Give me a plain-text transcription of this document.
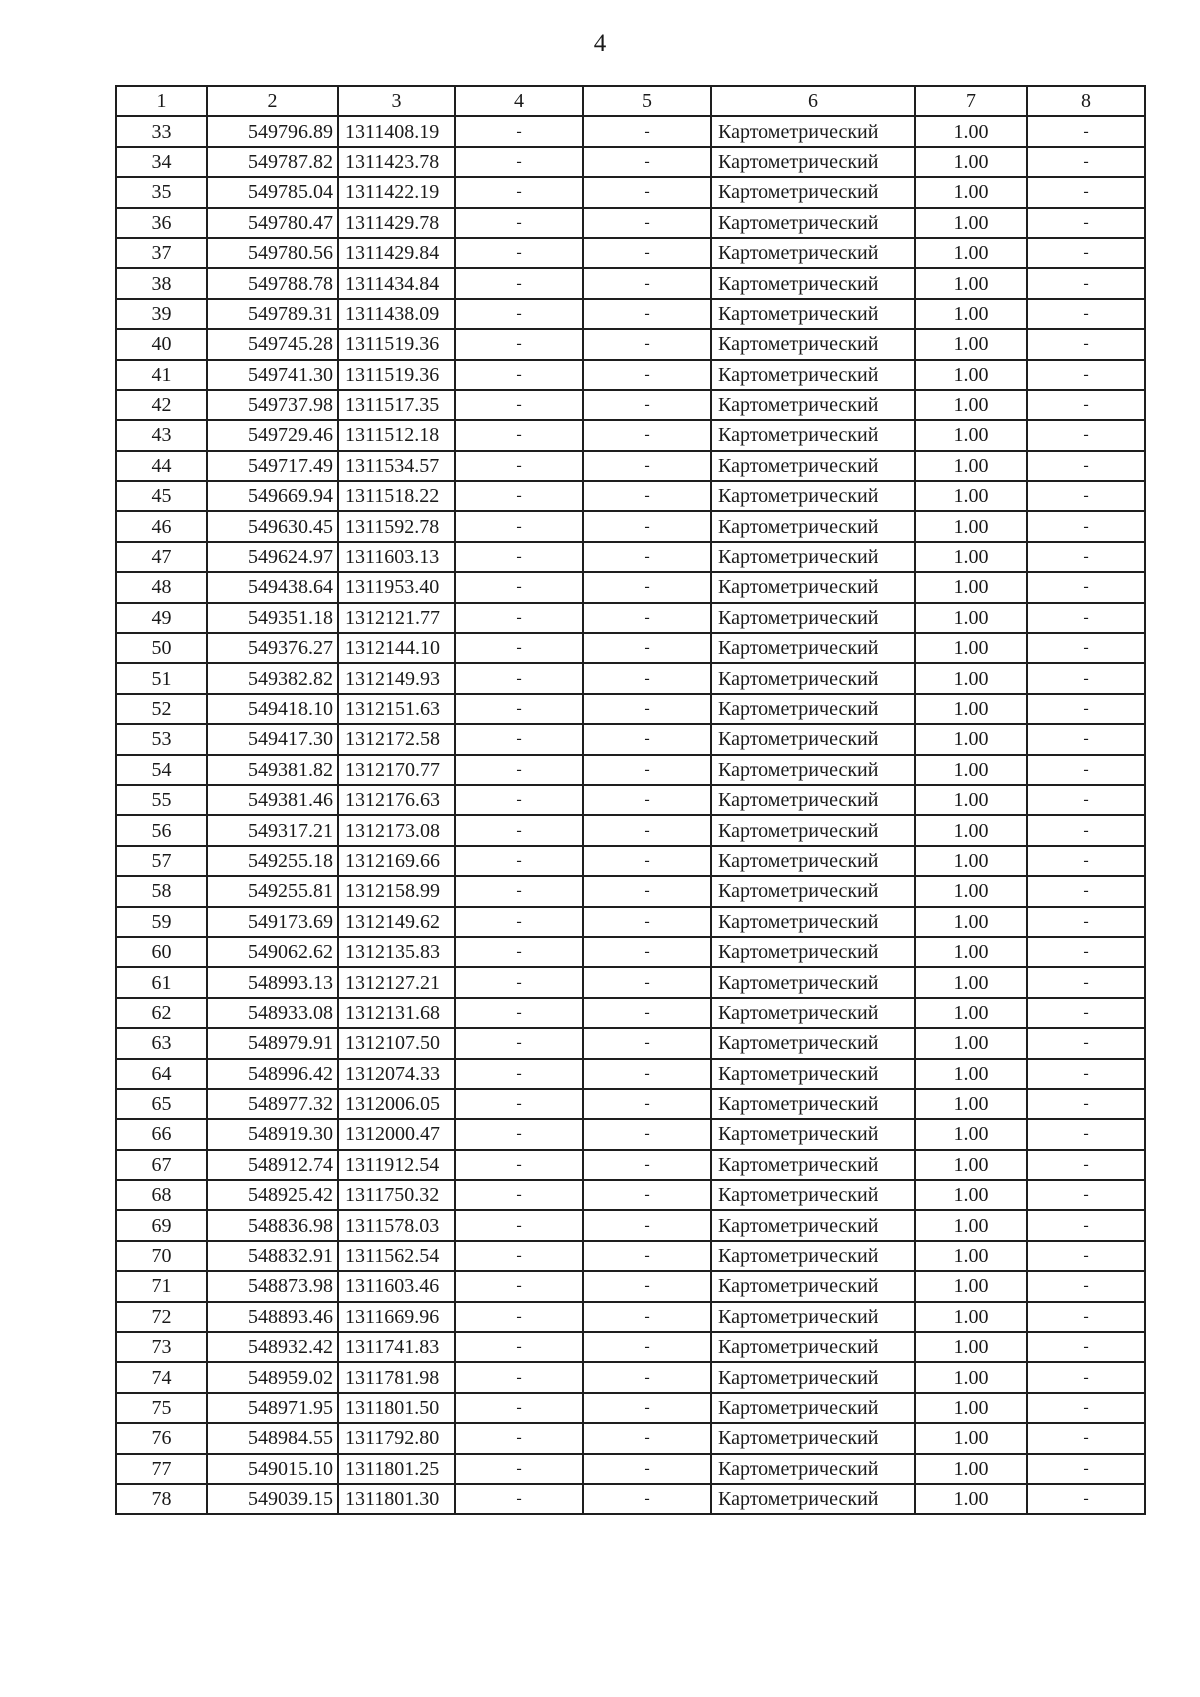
4
1	2	3	4	5	6	7	8
33	549796.89	1311408.19	-	-	Картометрический	1.00	-
34	549787.82	1311423.78	-	-	Картометрический	1.00	-
35	549785.04	1311422.19	-	-	Картометрический	1.00	-
36	549780.47	1311429.78	-	-	Картометрический	1.00	-
37	549780.56	1311429.84	-	-	Картометрический	1.00	-
38	549788.78	1311434.84	-	-	Картометрический	1.00	-
39	549789.31	1311438.09	-	-	Картометрический	1.00	-
40	549745.28	1311519.36	-	-	Картометрический	1.00	-
41	549741.30	1311519.36	-	-	Картометрический	1.00	-
42	549737.98	1311517.35	-	-	Картометрический	1.00	-
43	549729.46	1311512.18	-	-	Картометрический	1.00	-
44	549717.49	1311534.57	-	-	Картометрический	1.00	-
45	549669.94	1311518.22	-	-	Картометрический	1.00	-
46	549630.45	1311592.78	-	-	Картометрический	1.00	-
47	549624.97	1311603.13	-	-	Картометрический	1.00	-
48	549438.64	1311953.40	-	-	Картометрический	1.00	-
49	549351.18	1312121.77	-	-	Картометрический	1.00	-
50	549376.27	1312144.10	-	-	Картометрический	1.00	-
51	549382.82	1312149.93	-	-	Картометрический	1.00	-
52	549418.10	1312151.63	-	-	Картометрический	1.00	-
53	549417.30	1312172.58	-	-	Картометрический	1.00	-
54	549381.82	1312170.77	-	-	Картометрический	1.00	-
55	549381.46	1312176.63	-	-	Картометрический	1.00	-
56	549317.21	1312173.08	-	-	Картометрический	1.00	-
57	549255.18	1312169.66	-	-	Картометрический	1.00	-
58	549255.81	1312158.99	-	-	Картометрический	1.00	-
59	549173.69	1312149.62	-	-	Картометрический	1.00	-
60	549062.62	1312135.83	-	-	Картометрический	1.00	-
61	548993.13	1312127.21	-	-	Картометрический	1.00	-
62	548933.08	1312131.68	-	-	Картометрический	1.00	-
63	548979.91	1312107.50	-	-	Картометрический	1.00	-
64	548996.42	1312074.33	-	-	Картометрический	1.00	-
65	548977.32	1312006.05	-	-	Картометрический	1.00	-
66	548919.30	1312000.47	-	-	Картометрический	1.00	-
67	548912.74	1311912.54	-	-	Картометрический	1.00	-
68	548925.42	1311750.32	-	-	Картометрический	1.00	-
69	548836.98	1311578.03	-	-	Картометрический	1.00	-
70	548832.91	1311562.54	-	-	Картометрический	1.00	-
71	548873.98	1311603.46	-	-	Картометрический	1.00	-
72	548893.46	1311669.96	-	-	Картометрический	1.00	-
73	548932.42	1311741.83	-	-	Картометрический	1.00	-
74	548959.02	1311781.98	-	-	Картометрический	1.00	-
75	548971.95	1311801.50	-	-	Картометрический	1.00	-
76	548984.55	1311792.80	-	-	Картометрический	1.00	-
77	549015.10	1311801.25	-	-	Картометрический	1.00	-
78	549039.15	1311801.30	-	-	Картометрический	1.00	-
